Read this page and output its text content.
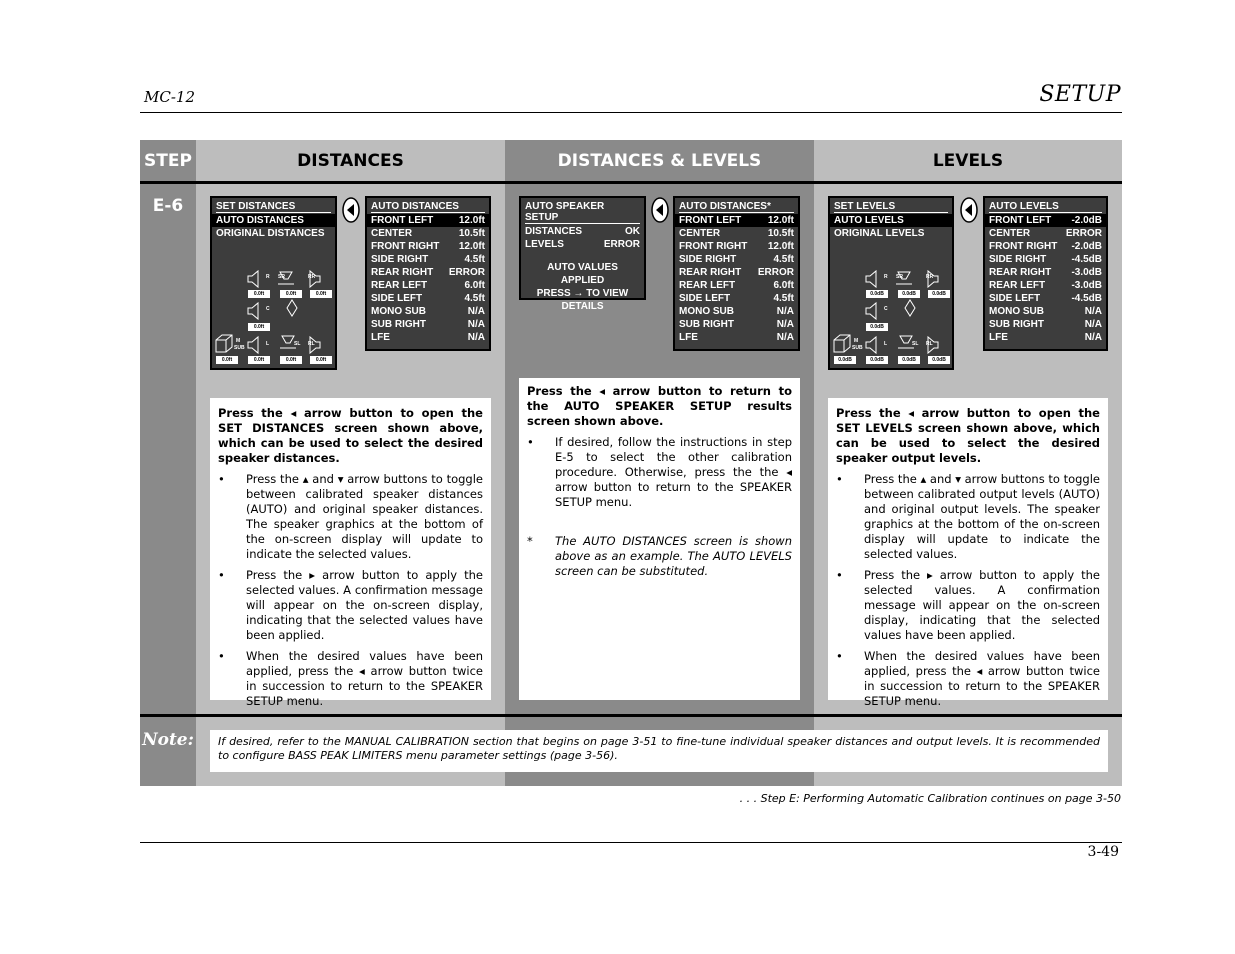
MC-12	SETUP
STEP	DISTANCES	DISTANCES & LEVELS	LEVELS
E-6
Note:
SET DISTANCES
AUTO DISTANCES
ORIGINAL DISTANCES
R SR	RR
0.0ft	0.0ft	0.0ft
C
0.0ft
M
SUB
L	SL RL
0.0ft	0.0ft	0.0ft	0.0ft
AUTO DISTANCES
FRONT LEFT	12.0ft
CENTER	10.5ft
FRONT RIGHT 12.0ft
SIDE RIGHT	4.5ft
REAR RIGHT ERROR
REAR LEFT	6.0ft
SIDE LEFT	4.5ft
MONO SUB	N/A
SUB RIGHT	N/A
LFE	N/A
Press the ◂ arrow button to open the SET DISTANCES screen shown above, which can be used to select the desired speaker distances.
•	Press the ▴ and ▾ arrow buttons to toggle between calibrated speaker distances (AUTO) and original speaker distances. The speaker graphics at the bottom of the on-screen display will update to indicate the selected values.
•	Press the ▸ arrow button to apply the selected values. A confirmation message will appear on the on-screen display, indicating that the selected values have been applied.
•	When the desired values have been applied, press the ◂ arrow button twice in succession to return to the SPEAKER SETUP menu.
AUTO SPEAKER SETUP
DISTANCES	OK
LEVELS	ERROR
AUTO VALUES APPLIED
PRESS → TO VIEW
DETAILS
AUTO DISTANCES*
FRONT LEFT	12.0ft
CENTER	10.5ft
FRONT RIGHT 12.0ft
SIDE RIGHT	4.5ft
REAR RIGHT ERROR
REAR LEFT	6.0ft
SIDE LEFT	4.5ft
MONO SUB	N/A
SUB RIGHT	N/A
LFE	N/A
Press the ◂ arrow button to return to the AUTO SPEAKER SETUP results screen shown above.
•	If desired, follow the instructions in step E-5 to select the other calibration procedure. Otherwise, press the the ◂ arrow button to return to the SPEAKER SETUP menu.
*	The AUTO DISTANCES screen is shown above as an example. The AUTO LEVELS screen can be substituted.
SET LEVELS
AUTO LEVELS
ORIGINAL LEVELS
R SR	RR
0.0dB	0.0dB	0.0dB
C
0.0dB
M
SUB
L	SL RL
0.0dB	0.0dB	0.0dB	0.0dB
AUTO LEVELS
FRONT LEFT -2.0dB
CENTER	ERROR
FRONT RIGHT -2.0dB
SIDE RIGHT	-4.5dB
REAR RIGHT -3.0dB
REAR LEFT	-3.0dB
SIDE LEFT	-4.5dB
MONO SUB	N/A
SUB RIGHT	N/A
LFE	N/A
Press the ◂ arrow button to open the SET LEVELS screen shown above, which can be used to select the desired speaker output levels.
•	Press the ▴ and ▾ arrow buttons to toggle between calibrated output levels (AUTO) and original output levels. The speaker graphics at the bottom of the on-screen display will update to indicate the selected values.
•	Press the ▸ arrow button to apply the selected values. A confirmation message will appear on the on-screen display, indicating that the selected values have been applied.
•	When the desired values have been applied, press the ◂ arrow button twice in succession to return to the SPEAKER SETUP menu.
If desired, refer to the MANUAL CALIBRATION section that begins on page 3-51 to fine-tune individual speaker distances and output levels. It is recommended to configure BASS PEAK LIMITERS menu parameter settings (page 3-56).
. . . Step E: Performing Automatic Calibration continues on page 3-50
3-49
